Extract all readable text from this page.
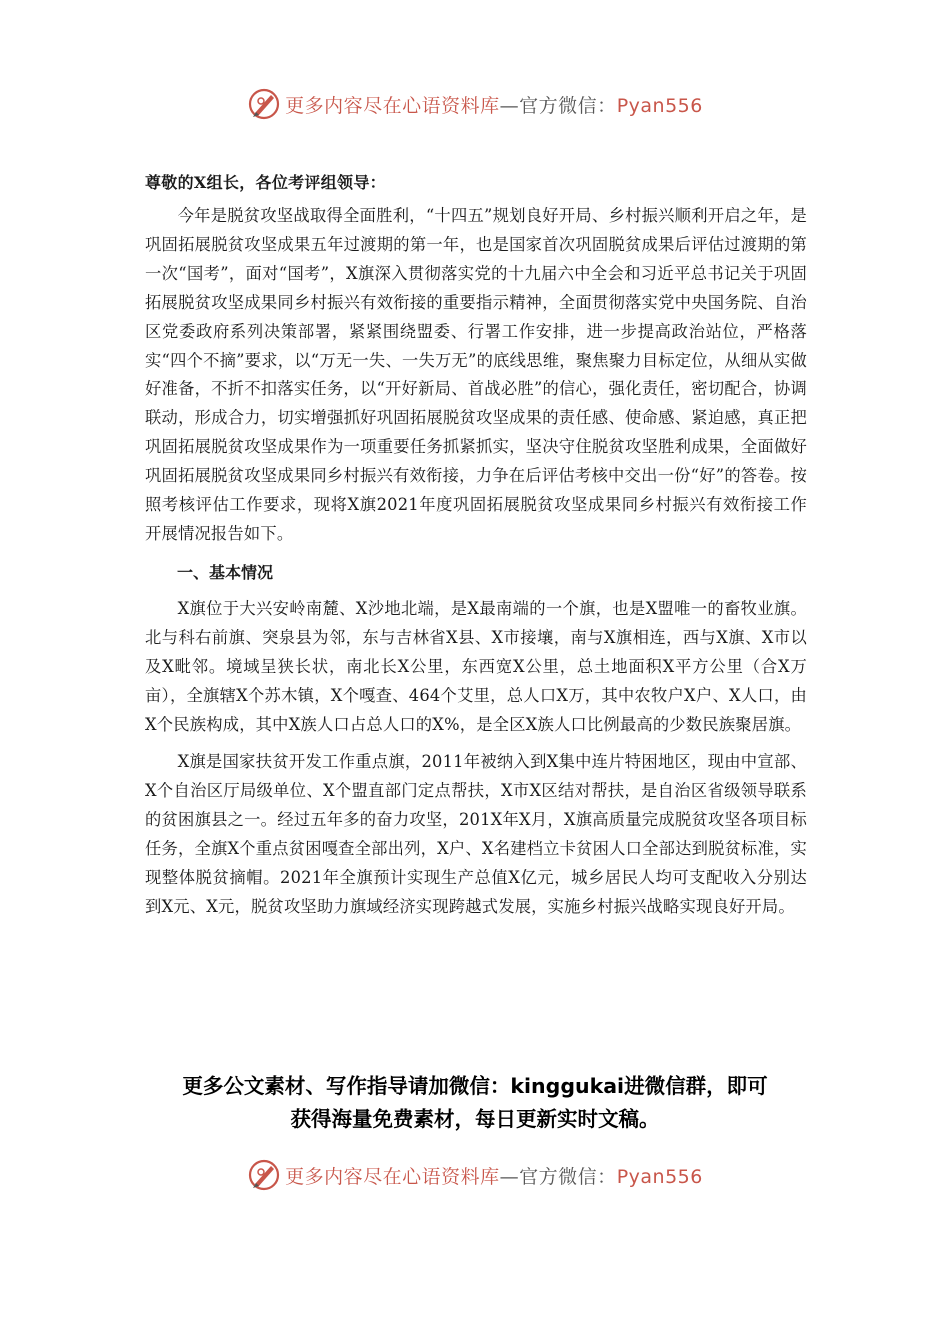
更多内容尽在心语资料库—官方微信：Pyan556

尊敬的X组长，各位考评组领导：

今年是脱贫攻坚战取得全面胜利，“十四五”规划良好开局、乡村振兴顺利开启之年，是巩固拓展脱贫攻坚成果五年过渡期的第一年，也是国家首次巩固脱贫成果后评估过渡期的第一次“国考”，面对“国考”，X旗深入贯彻落实党的十九届六中全会和习近平总书记关于巩固拓展脱贫攻坚成果同乡村振兴有效衔接的重要指示精神，全面贯彻落实党中央国务院、自治区党委政府系列决策部署，紧紧围绕盟委、行署工作安排，进一步提高政治站位，严格落实“四个不摘”要求，以“万无一失、一失万无”的底线思维，聚焦聚力目标定位，从细从实做好准备，不折不扣落实任务，以“开好新局、首战必胜”的信心，强化责任，密切配合，协调联动，形成合力，切实增强抓好巩固拓展脱贫攻坚成果的责任感、使命感、紧迫感，真正把巩固拓展脱贫攻坚成果作为一项重要任务抓紧抓实，坚决守住脱贫攻坚胜利成果，全面做好巩固拓展脱贫攻坚成果同乡村振兴有效衔接，力争在后评估考核中交出一份“好”的答卷。按照考核评估工作要求，现将X旗2021年度巩固拓展脱贫攻坚成果同乡村振兴有效衔接工作开展情况报告如下。

一、基本情况

X旗位于大兴安岭南麓、X沙地北端，是X最南端的一个旗，也是X盟唯一的畜牧业旗。北与科右前旗、突泉县为邻，东与吉林省X县、X市接壤，南与X旗相连，西与X旗、X市以及X毗邻。境域呈狭长状，南北长X公里，东西宽X公里，总土地面积X平方公里（合X万亩），全旗辖X个苏木镇，X个嘎查、464个艾里，总人口X万，其中农牧户X户、X人口，由X个民族构成，其中X族人口占总人口的X%，是全区X族人口比例最高的少数民族聚居旗。

X旗是国家扶贫开发工作重点旗，2011年被纳入到X集中连片特困地区，现由中宣部、X个自治区厅局级单位、X个盟直部门定点帮扶，X市X区结对帮扶，是自治区省级领导联系的贫困旗县之一。经过五年多的奋力攻坚，201X年X月，X旗高质量完成脱贫攻坚各项目标任务，全旗X个重点贫困嘎查全部出列，X户、X名建档立卡贫困人口全部达到脱贫标准，实现整体脱贫摘帽。2021年全旗预计实现生产总值X亿元，城乡居民人均可支配收入分别达到X元、X元，脱贫攻坚助力旗域经济实现跨越式发展，实施乡村振兴战略实现良好开局。

更多公文素材、写作指导请加微信：kinggukai进微信群，即可
获得海量免费素材，每日更新实时文稿。
更多内容尽在心语资料库—官方微信：Pyan556
